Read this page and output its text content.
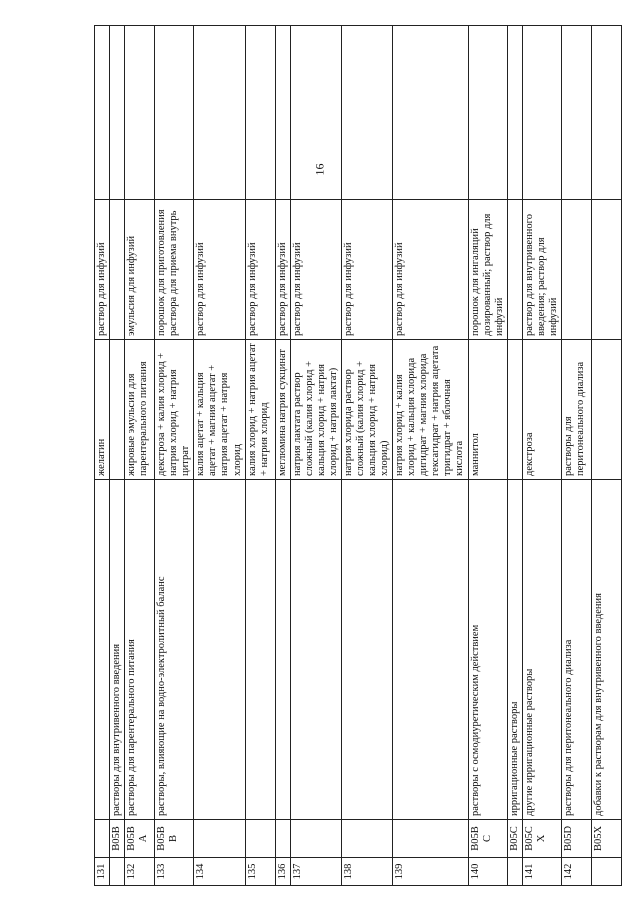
16
131			желатин	раствор для инфузий	
	B05B	растворы для внутривенного введения			
132	B05BA	растворы для парентерального питания	жировые эмульсии для парентерального питания	эмульсия для инфузий	
133	B05BB	растворы, влияющие на водно-электролитный баланс	декстроза + калия хлорид + натрия хлорид + натрия цитрат	порошок для приготовления раствора для приема внутрь	
134			калия ацетат + кальция ацетат + магния ацетат + натрия ацетат + натрия хлорид	раствор для инфузий	
135			калия хлорид + натрия ацетат + натрия хлорид	раствор для инфузий	
136			меглюмина натрия сукцинат	раствор для инфузий	
137			натрия лактата раствор сложный (калия хлорид + кальция хлорид + натрия хлорид + натрия лактат)	раствор для инфузий	
138			натрия хлорида раствор сложный (калия хлорид + кальция хлорид + натрия хлорид)	раствор для инфузий	
139			натрия хлорид + калия хлорид + кальция хлорида дигидрат + магния хлорида гексагидрат + натрия ацетата тригидрат + яблочная кислота	раствор для инфузий	
140	B05BC	растворы с осмодиуретическим действием	маннитол	порошок для ингаляций дозированный; раствор для инфузий	
	B05C	ирригационные растворы			
141	B05CX	другие ирригационные растворы	декстроза	раствор для внутривенного введения; раствор для инфузий	
142	B05D	растворы для перитонеального диализа	растворы для перитонеального диализа		
	B05X	добавки к растворам для внутривенного введения			
